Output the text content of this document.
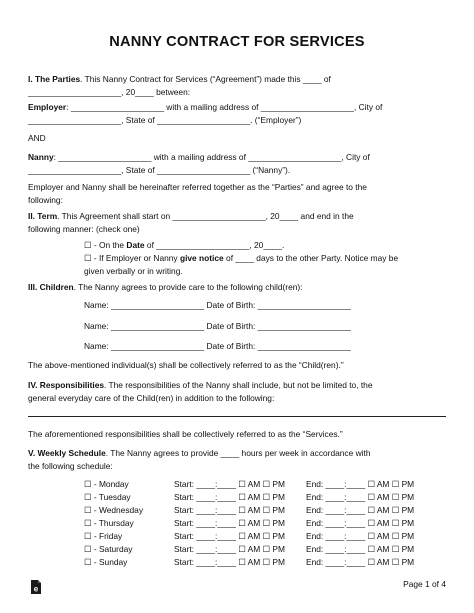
NANNY CONTRACT FOR SERVICES
I. The Parties. This Nanny Contract for Services (“Agreement”) made this ____ of
____________________, 20____ between:
Employer: ____________________ with a mailing address of ____________________, City of
____________________, State of ____________________. (“Employer”)
AND
Nanny: ____________________ with a mailing address of ____________________, City of
____________________, State of ____________________ (“Nanny”).
Employer and Nanny shall be hereinafter referred together as the “Parties” and agree to the
following:
II. Term. This Agreement shall start on ____________________, 20____ and end in the
following manner: (check one)
☐ - On the Date of ____________________, 20____.
☐ - If Employer or Nanny give notice of ____ days to the other Party. Notice may be
given verbally or in writing.
III. Children. The Nanny agrees to provide care to the following child(ren):
Name: ____________________ Date of Birth: ____________________
Name: ____________________ Date of Birth: ____________________
Name: ____________________ Date of Birth: ____________________
The above-mentioned individual(s) shall be collectively referred to as the “Child(ren).”
IV. Responsibilities. The responsibilities of the Nanny shall include, but not be limited to, the
general everyday care of the Child(ren) in addition to the following:
The aforementioned responsibilities shall be collectively referred to as the “Services.”
V. Weekly Schedule. The Nanny agrees to provide ____ hours per week in accordance with
the following schedule:
☐ - Monday	Start: ____:____ ☐ AM ☐ PM	End: ____:____ ☐ AM ☐ PM
☐ - Tuesday	Start: ____:____ ☐ AM ☐ PM	End: ____:____ ☐ AM ☐ PM
☐ - Wednesday	Start: ____:____ ☐ AM ☐ PM	End: ____:____ ☐ AM ☐ PM
☐ - Thursday	Start: ____:____ ☐ AM ☐ PM	End: ____:____ ☐ AM ☐ PM
☐ - Friday	Start: ____:____ ☐ AM ☐ PM	End: ____:____ ☐ AM ☐ PM
☐ - Saturday	Start: ____:____ ☐ AM ☐ PM	End: ____:____ ☐ AM ☐ PM
☐ - Sunday	Start: ____:____ ☐ AM ☐ PM	End: ____:____ ☐ AM ☐ PM
e	Page 1 of 4
